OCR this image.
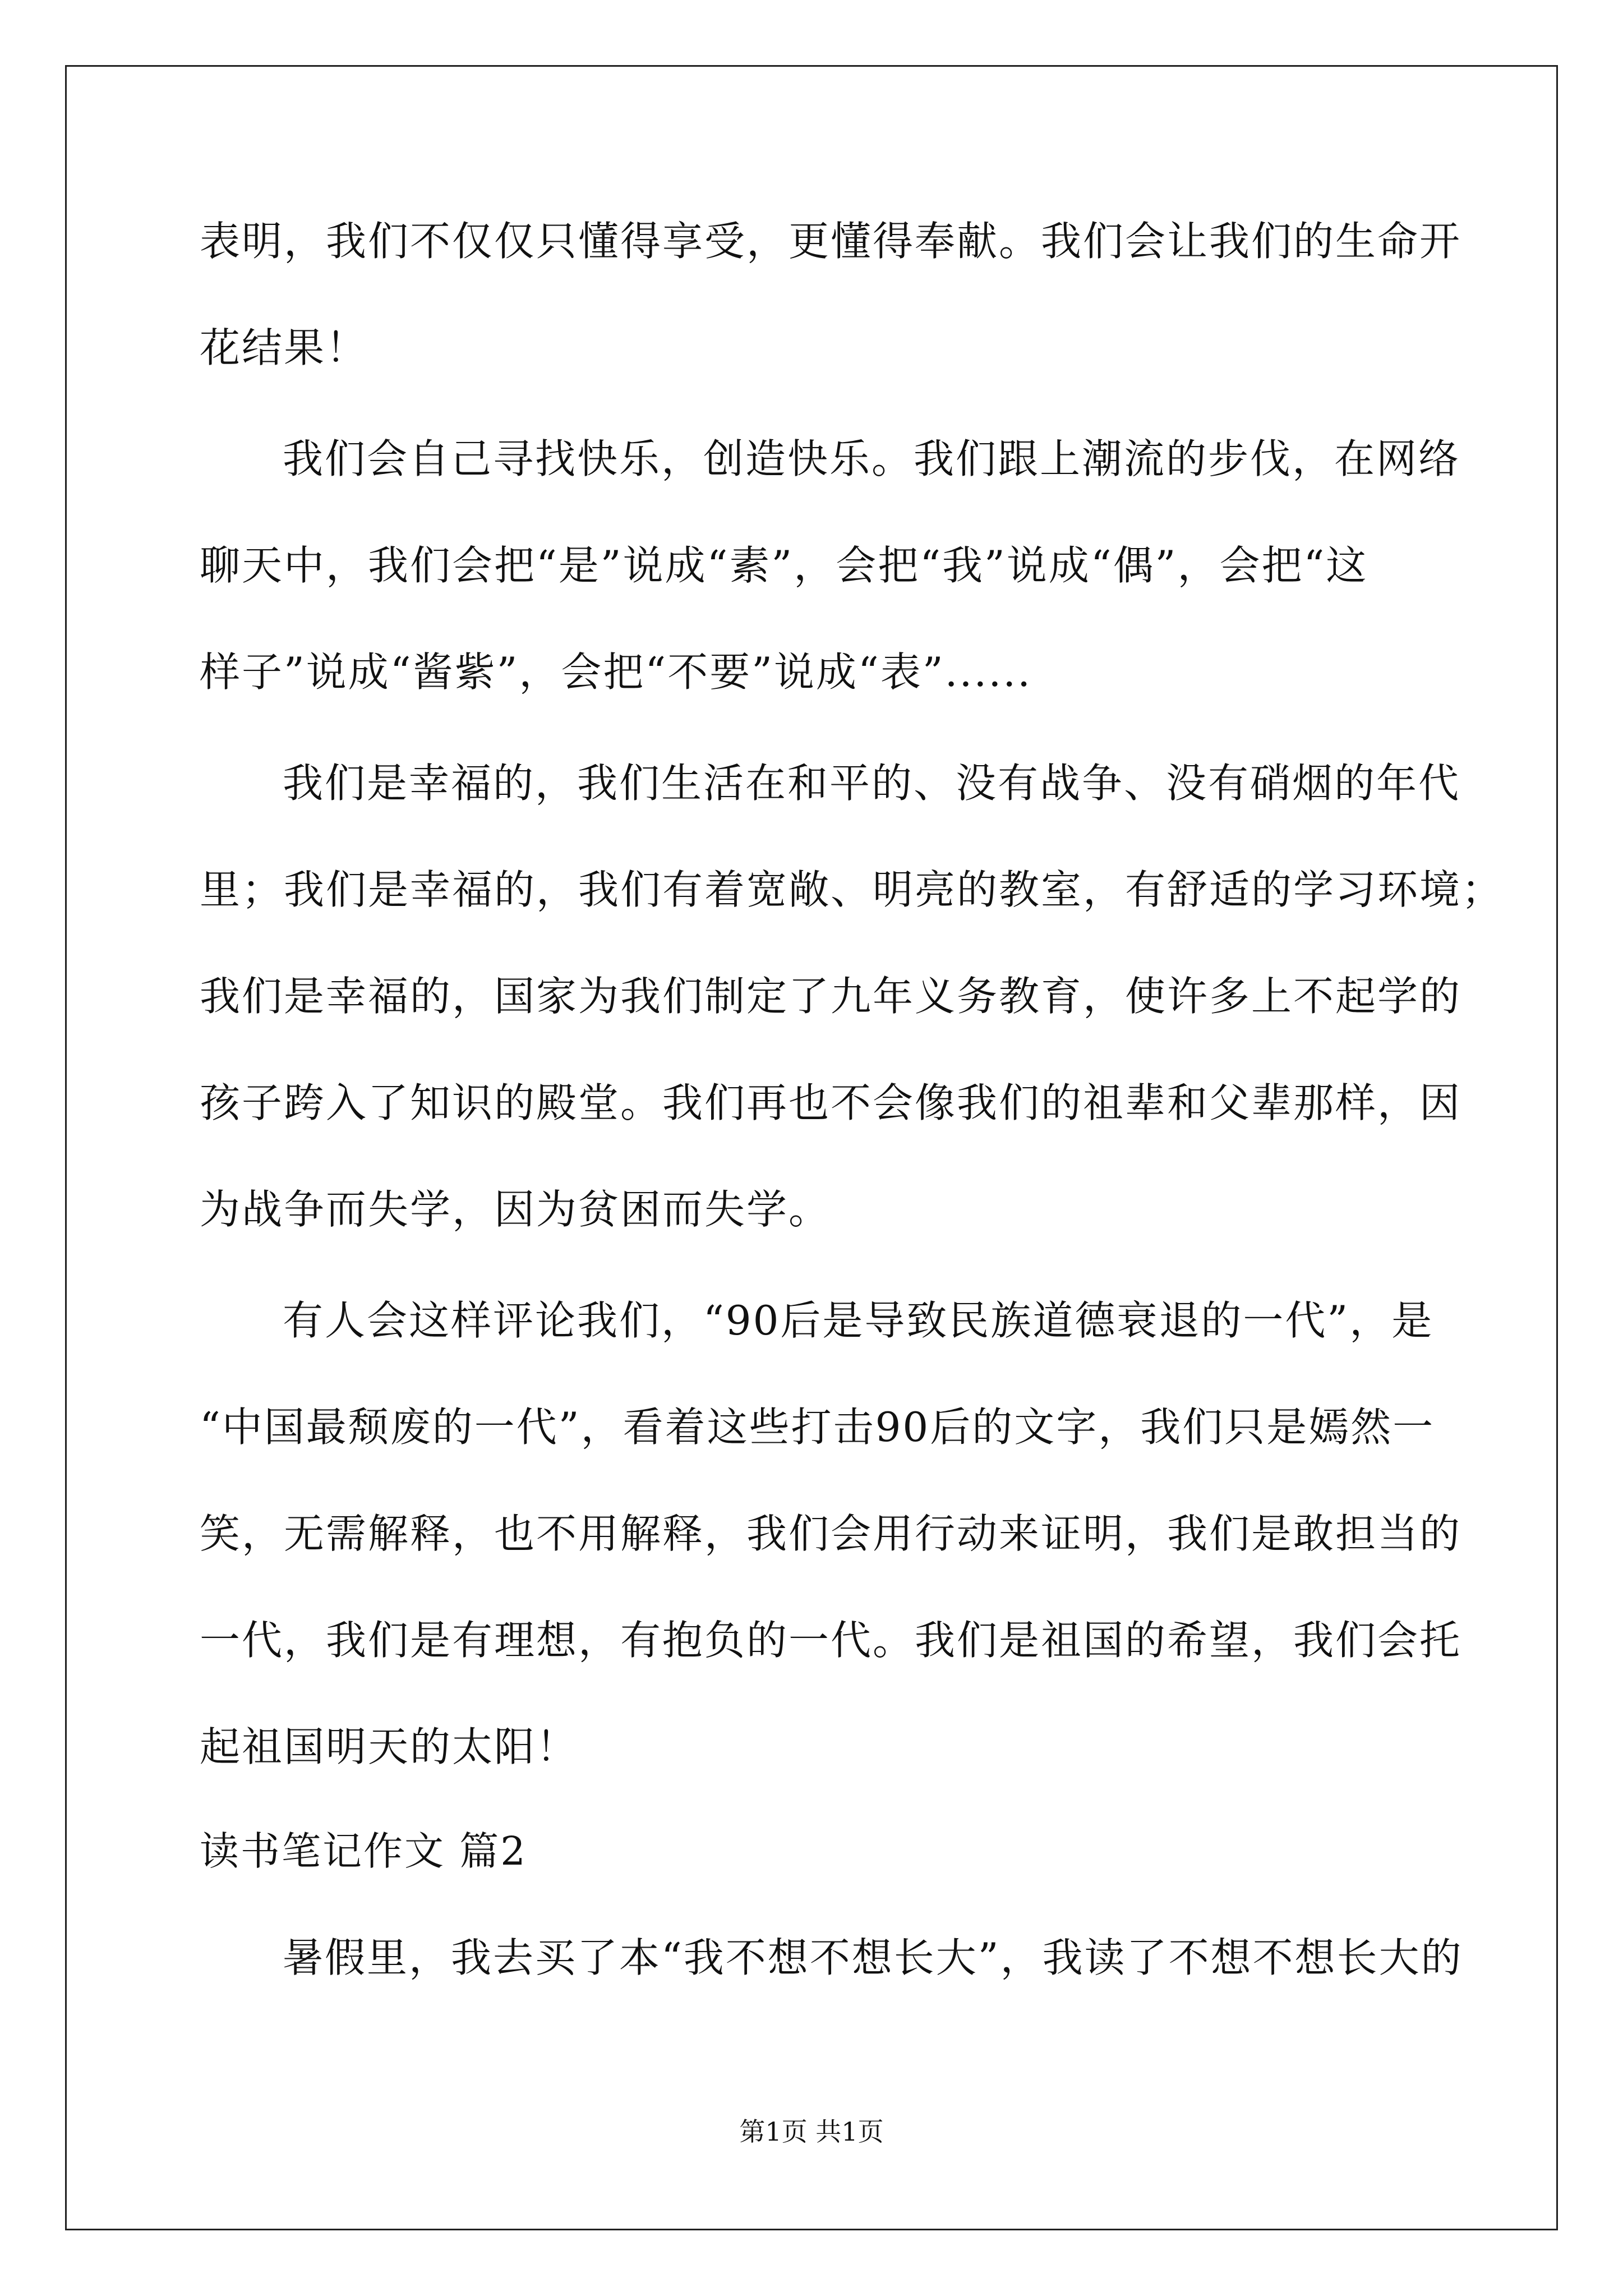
表明，我们不仅仅只懂得享受，更懂得奉献。我们会让我们的生命开
花结果！
我们会自己寻找快乐，创造快乐。我们跟上潮流的步伐，在网络
聊天中，我们会把“是”说成“素”，会把“我”说成“偶”，会把“这
样子”说成“酱紫”，会把“不要”说成“表”......
我们是幸福的，我们生活在和平的、没有战争、没有硝烟的年代
里；我们是幸福的，我们有着宽敞、明亮的教室，有舒适的学习环境；
我们是幸福的，国家为我们制定了九年义务教育，使许多上不起学的
孩子跨入了知识的殿堂。我们再也不会像我们的祖辈和父辈那样，因
为战争而失学，因为贫困而失学。
有人会这样评论我们，“90后是导致民族道德衰退的一代”，是
“中国最颓废的一代”，看着这些打击90后的文字，我们只是嫣然一
笑，无需解释，也不用解释，我们会用行动来证明，我们是敢担当的
一代，我们是有理想，有抱负的一代。我们是祖国的希望，我们会托
起祖国明天的太阳！
读书笔记作文 篇2
暑假里，我去买了本“我不想不想长大”，我读了不想不想长大的
第1页 共1页
